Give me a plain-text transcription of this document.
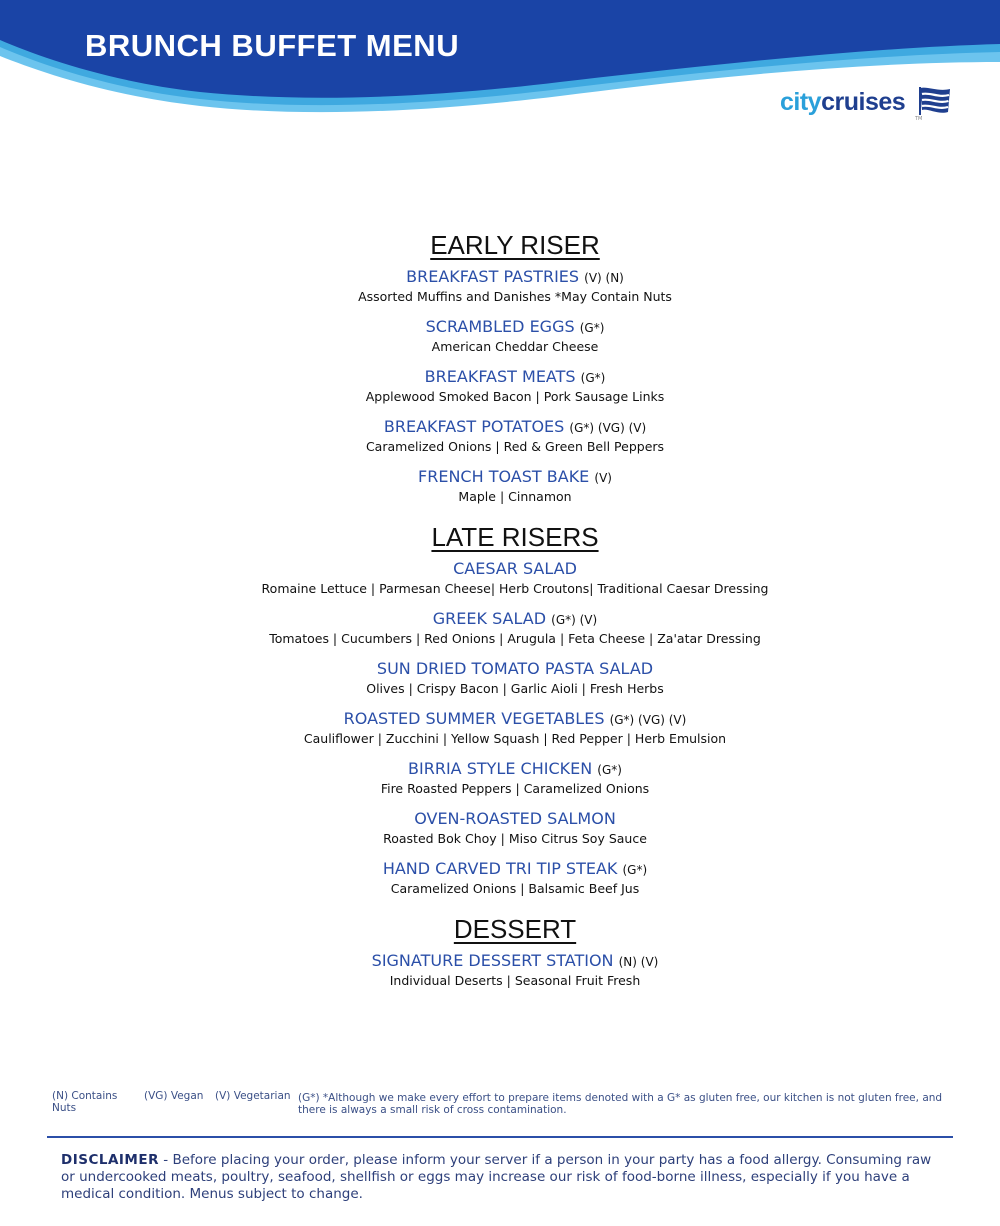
BRUNCH BUFFET MENU
citycruises
TM
EARLY RISER
BREAKFAST PASTRIES (V) (N)
Assorted Muffins and Danishes *May Contain Nuts
SCRAMBLED EGGS (G*)
American Cheddar Cheese
BREAKFAST MEATS (G*)
Applewood Smoked Bacon | Pork Sausage Links
BREAKFAST POTATOES (G*) (VG) (V)
Caramelized Onions | Red & Green Bell Peppers
FRENCH TOAST BAKE (V)
Maple | Cinnamon
LATE RISERS
CAESAR SALAD
Romaine Lettuce | Parmesan Cheese| Herb Croutons| Traditional Caesar Dressing
GREEK SALAD (G*) (V)
Tomatoes | Cucumbers | Red Onions | Arugula | Feta Cheese | Za'atar Dressing
SUN DRIED TOMATO PASTA SALAD
Olives | Crispy Bacon | Garlic Aioli | Fresh Herbs
ROASTED SUMMER VEGETABLES (G*) (VG) (V)
Cauliflower | Zucchini | Yellow Squash | Red Pepper | Herb Emulsion
BIRRIA STYLE CHICKEN (G*)
Fire Roasted Peppers | Caramelized Onions
OVEN-ROASTED SALMON
Roasted Bok Choy | Miso Citrus Soy Sauce
HAND CARVED TRI TIP STEAK (G*)
Caramelized Onions | Balsamic Beef Jus
DESSERT
SIGNATURE DESSERT STATION (N) (V)
Individual Deserts | Seasonal Fruit Fresh
(N) Contains Nuts
(VG) Vegan (V) Vegetarian (G*) *Although we make every effort to prepare items denoted with a G* as gluten free, our kitchen is not gluten free, and there is always a small risk of cross contamination.
DISCLAIMER - Before placing your order, please inform your server if a person in your party has a food allergy. Consuming raw or undercooked meats, poultry, seafood, shellfish or eggs may increase our risk of food-borne illness, especially if you have a medical condition. Menus subject to change.
